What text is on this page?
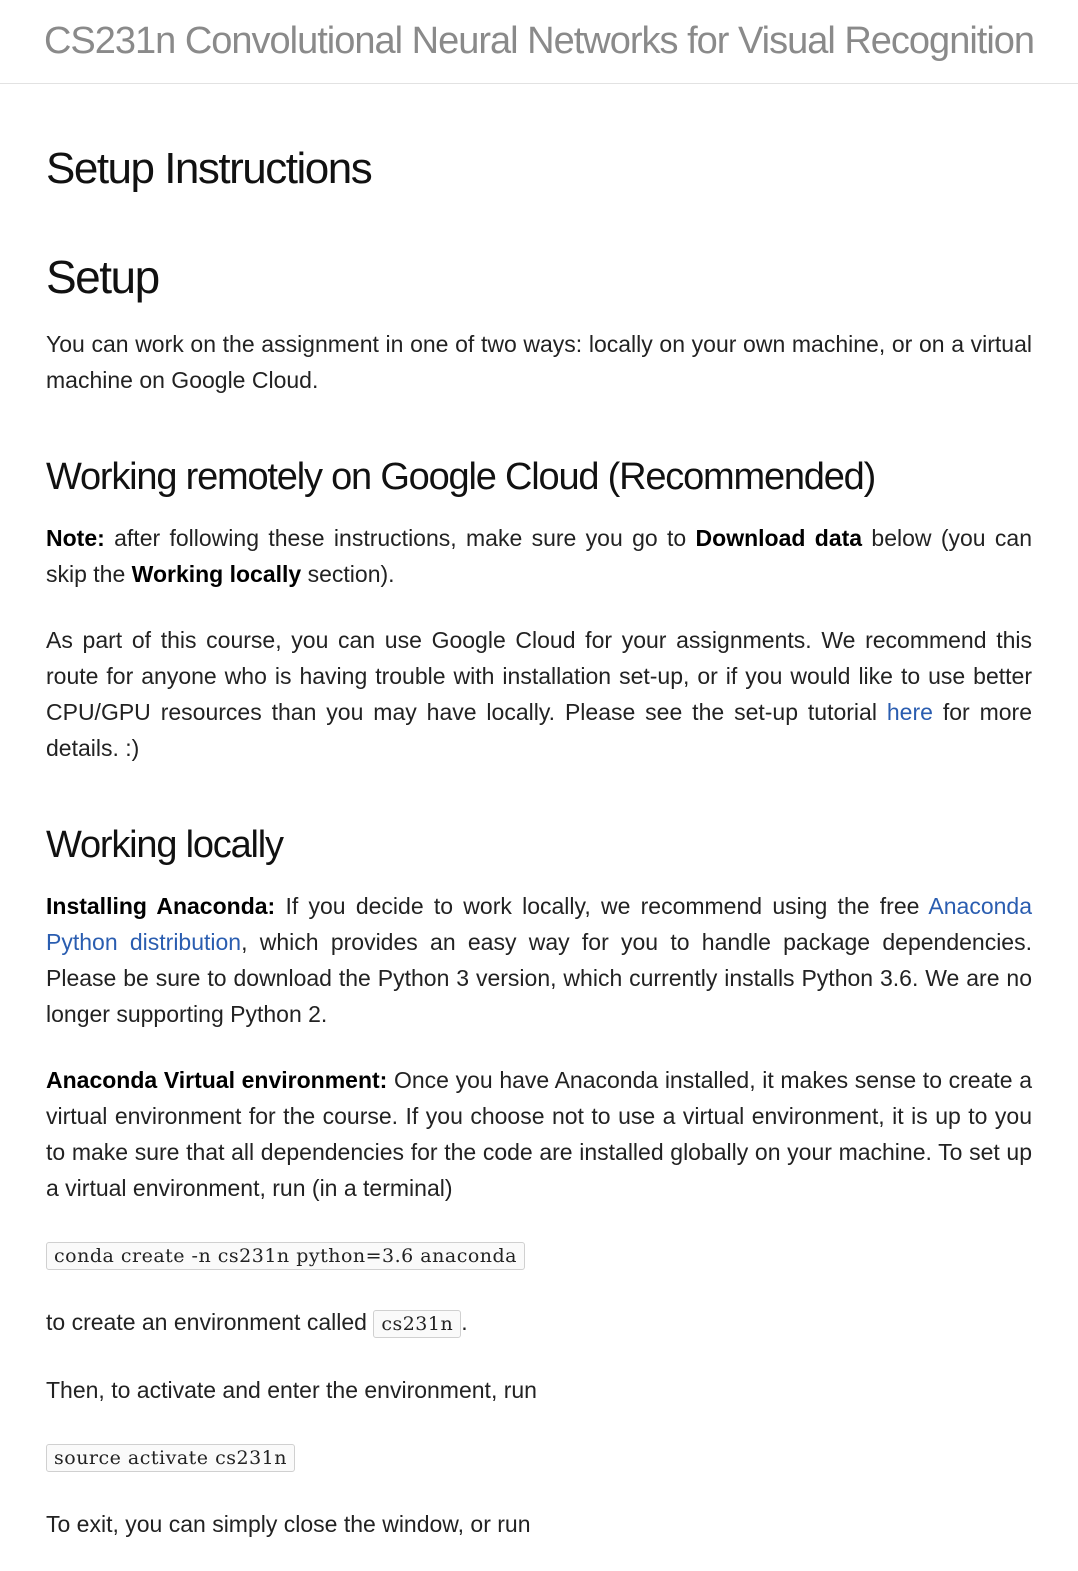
CS231n Convolutional Neural Networks for Visual Recognition
Setup Instructions
Setup

You can work on the assignment in one of two ways: locally on your own machine, or on a virtual machine on Google Cloud.

Working remotely on Google Cloud (Recommended)

Note: after following these instructions, make sure you go to Download data below (you can skip the Working locally section).

As part of this course, you can use Google Cloud for your assignments. We recommend this route for anyone who is having trouble with installation set-up, or if you would like to use better CPU/GPU resources than you may have locally. Please see the set-up tutorial here for more details. :)

Working locally

Installing Anaconda: If you decide to work locally, we recommend using the free Anaconda Python distribution, which provides an easy way for you to handle package dependencies. Please be sure to download the Python 3 version, which currently installs Python 3.6. We are no longer supporting Python 2.

Anaconda Virtual environment: Once you have Anaconda installed, it makes sense to create a virtual environment for the course. If you choose not to use a virtual environment, it is up to you to make sure that all dependencies for the code are installed globally on your machine. To set up a virtual environment, run (in a terminal)

conda create -n cs231n python=3.6 anaconda

to create an environment called cs231n .

Then, to activate and enter the environment, run

source activate cs231n

To exit, you can simply close the window, or run
